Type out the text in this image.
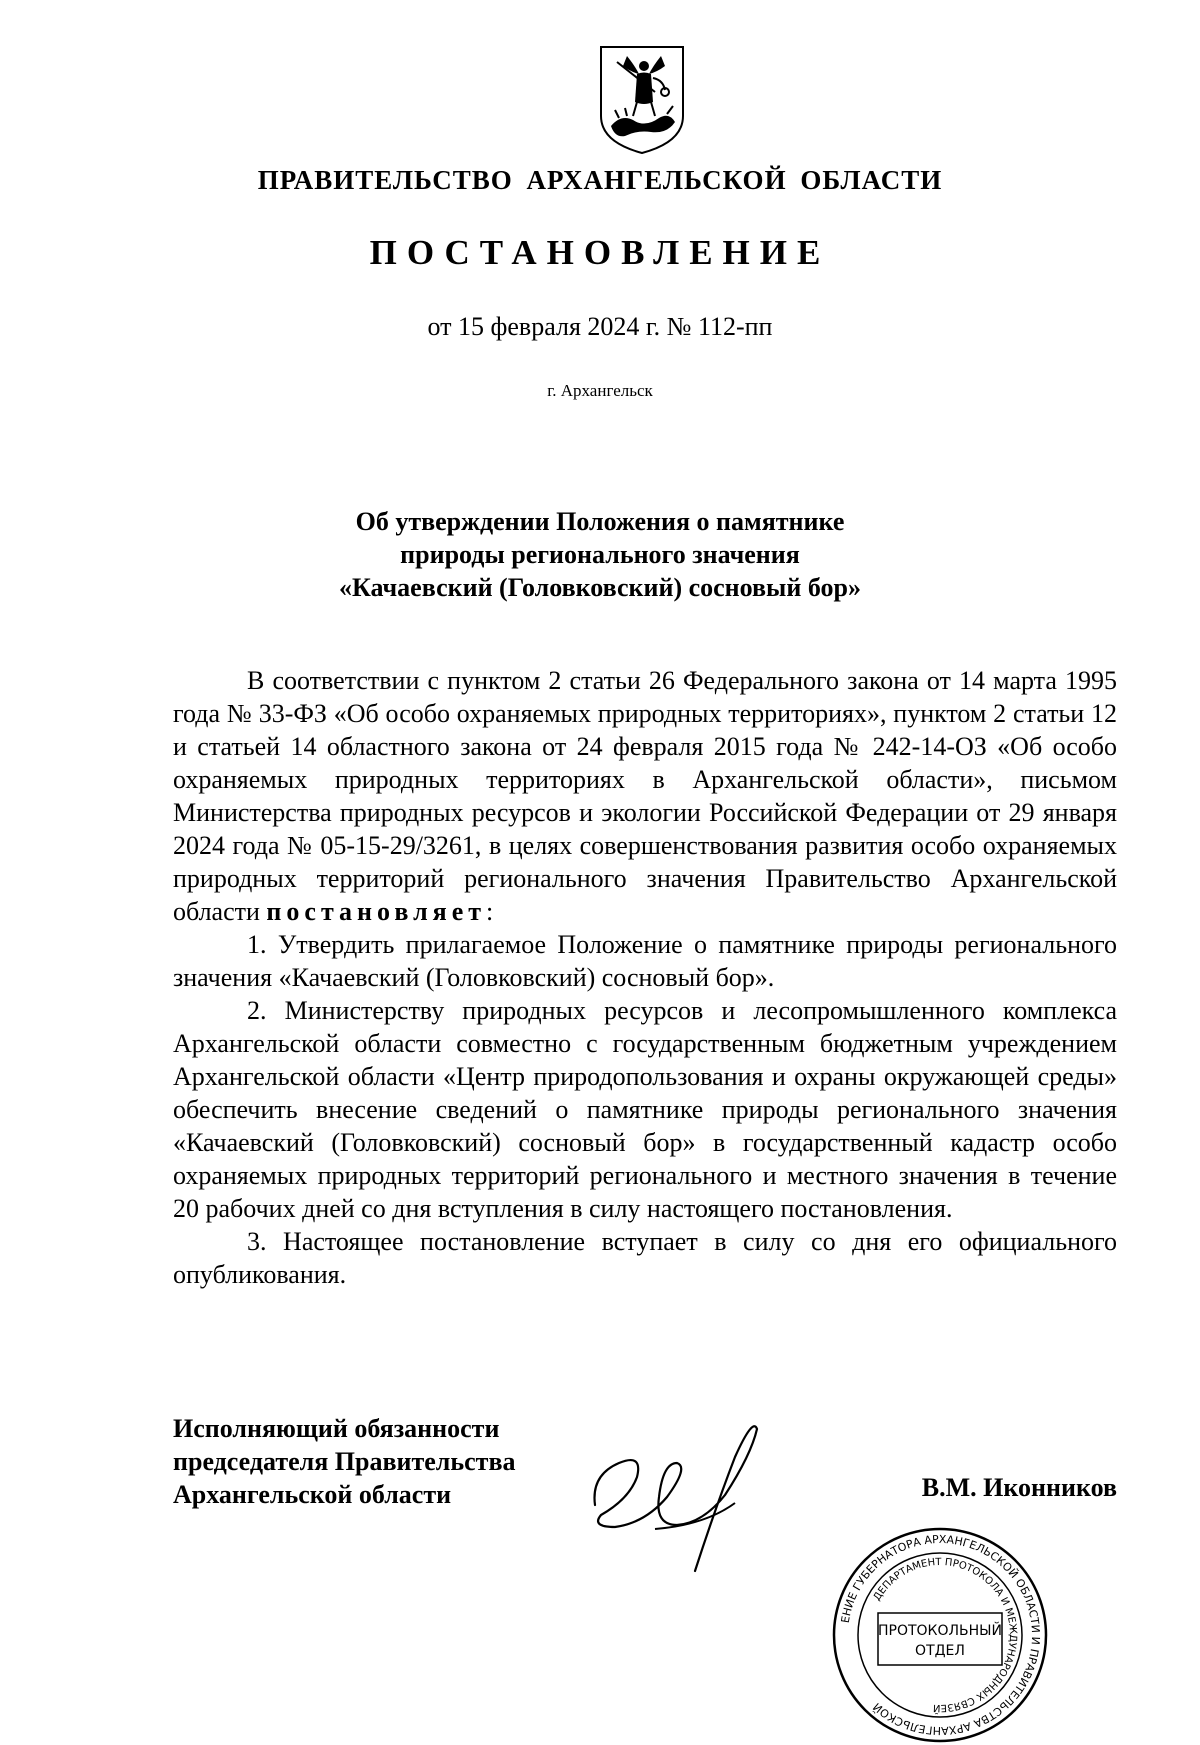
ПРАВИТЕЛЬСТВО АРХАНГЕЛЬСКОЙ ОБЛАСТИ
ПОСТАНОВЛЕНИЕ
от 15 февраля 2024 г. № 112-пп
г. Архангельск
Об утверждении Положения о памятнике
природы регионального значения
«Качаевский (Головковский) сосновый бор»

В соответствии с пунктом 2 статьи 26 Федерального закона от 14 марта 1995 года № 33-ФЗ «Об особо охраняемых природных территориях», пунктом 2 статьи 12 и статьей 14 областного закона от 24 февраля 2015 года № 242-14-ОЗ «Об особо охраняемых природных территориях в Архангельской области», письмом Министерства природных ресурсов и экологии Российской Федерации от 29 января 2024 года № 05-15-29/3261, в целях совершенствования развития особо охраняемых природных территорий регионального значения Правительство Архангельской области постановляет:

1. Утвердить прилагаемое Положение о памятнике природы регионального значения «Качаевский (Головковский) сосновый бор».

2. Министерству природных ресурсов и лесопромышленного комплекса Архангельской области совместно с государственным бюджетным учреждением Архангельской области «Центр природопользования и охраны окружающей среды» обеспечить внесение сведений о памятнике природы регионального значения «Качаевский (Головковский) сосновый бор» в государственный кадастр особо охраняемых природных территорий регионального и местного значения в течение 20 рабочих дней со дня вступления в силу настоящего постановления.

3. Настоящее постановление вступает в силу со дня его официального опубликования.

Исполняющий обязанности
председателя Правительства
Архангельской области	В.М. Иконников
ЕНИЕ ГУБЕРНАТОРА АРХАНГЕЛЬСКОЙ ОБЛАСТИ И ПРАВИТЕЛЬСТВА АРХАНГЕЛЬСКОЙ
ДЕПАРТАМЕНТ ПРОТОКОЛА И МЕЖДУНАРОДНЫХ СВЯЗЕЙ
ПРОТОКОЛЬНЫЙ
ОТДЕЛ
